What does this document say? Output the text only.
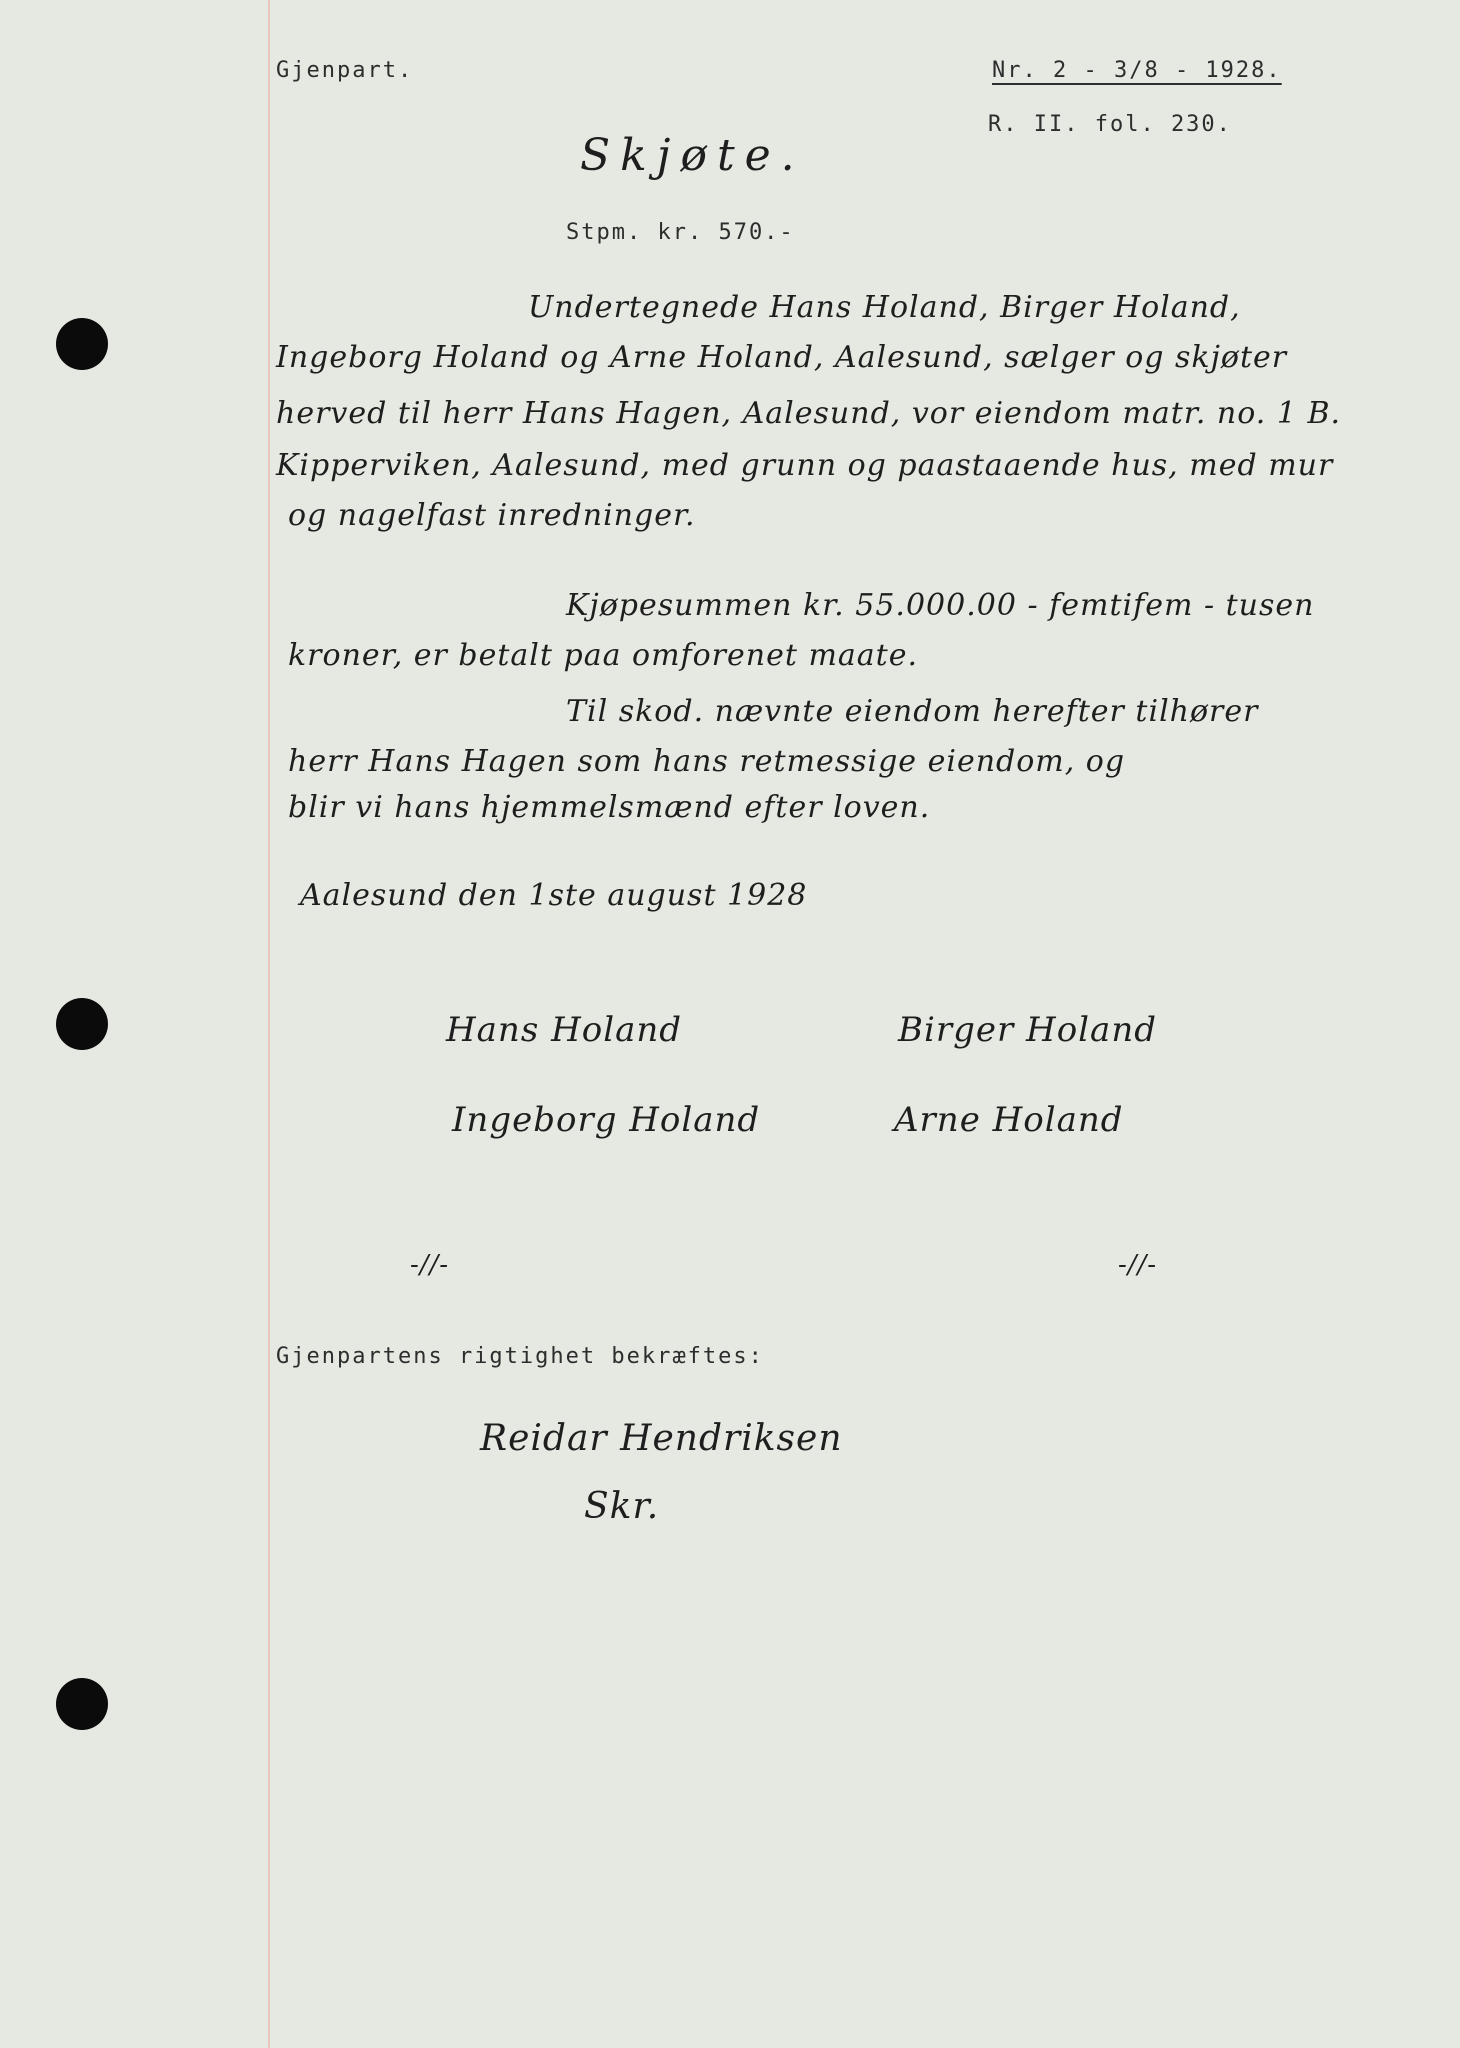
Gjenpart.	Nr. 2 - 3/8 - 1928.
R. II. fol. 230.
Skjøte.
Stpm. kr. 570.-
Undertegnede Hans Holand, Birger Holand,
Ingeborg Holand og Arne Holand, Aalesund, sælger og skjøter
herved til herr Hans Hagen, Aalesund, vor eiendom matr. no. 1 B.
Kipperviken, Aalesund, med grunn og paastaaende hus, med mur
og nagelfast inredninger.
Kjøpesummen kr. 55.000.00 - femtifem - tusen
kroner, er betalt paa omforenet maate.
Til skod. nævnte eiendom herefter tilhører
herr Hans Hagen som hans retmessige eiendom, og
blir vi hans hjemmelsmænd efter loven.
Aalesund den 1ste august 1928
Hans Holand	Birger Holand
Ingeborg Holand	Arne Holand
-//-	-//-
Gjenpartens rigtighet bekræftes:
Reidar Hendriksen
Skr.
